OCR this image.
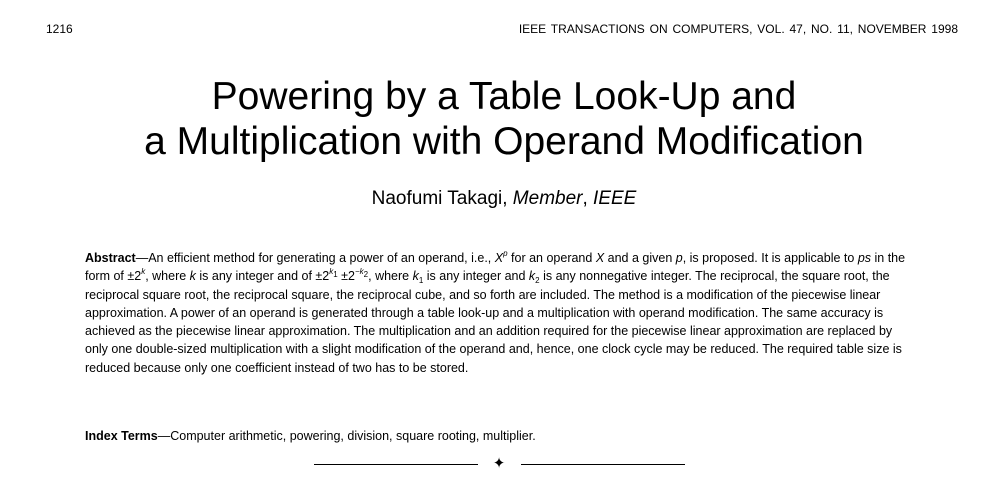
1216	IEEE TRANSACTIONS ON COMPUTERS, VOL. 47, NO. 11, NOVEMBER 1998
Powering by a Table Look-Up and
a Multiplication with Operand Modification
Naofumi Takagi, Member, IEEE

Abstract—An efficient method for generating a power of an operand, i.e., $X^p$ for an operand X and a given p, is proposed. It is applicable to ps in the form of $\pm 2^k$, where k is any integer and of $\pm 2^{k_1} \pm 2^{-k_2}$, where $k_1$ is any integer and $k_2$ is any nonnegative integer. The reciprocal, the square root, the reciprocal square root, the reciprocal square, the reciprocal cube, and so forth are included. The method is a modification of the piecewise linear approximation. A power of an operand is generated through a table look-up and a multiplication with operand modification. The same accuracy is achieved as the piecewise linear approximation. The multiplication and an addition required for the piecewise linear approximation are replaced by only one double-sized multiplication with a slight modification of the operand and, hence, one clock cycle may be reduced. The required table size is reduced because only one coefficient instead of two has to be stored.

Index Terms—Computer arithmetic, powering, division, square rooting, multiplier.

✦
